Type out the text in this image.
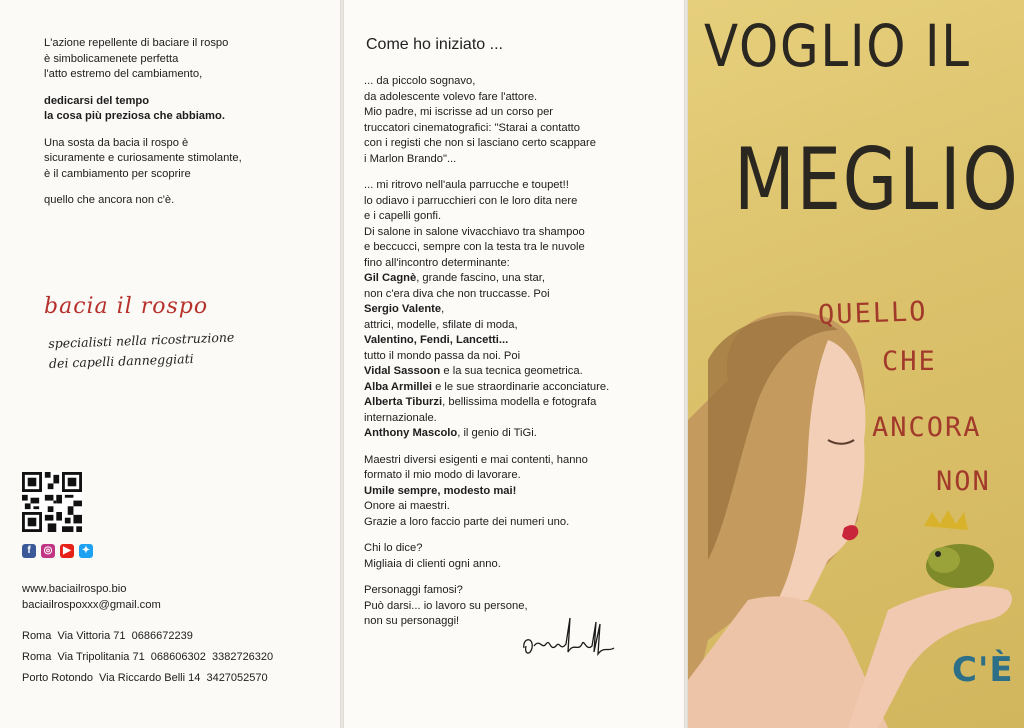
L'azione repellente di baciare il rospo

è simbolicamenete perfetta

l'atto estremo del cambiamento,

dedicarsi del tempo

la cosa più preziosa che abbiamo.

Una sosta da bacia il rospo è

sicuramente e curiosamente stimolante,

è il cambiamento per scoprire

quello che ancora non c'è.

bacia il rospo
specialisti nella ricostruzione
dei capelli danneggiati
f	◎	▶	✦
www.baciailrospo.bio
baciailrospoxxx@gmail.com
Roma  Via Vittoria 71  0686672239
Roma  Via Tripolitania 71  068606302  3382726320
Porto Rotondo  Via Riccardo Belli 14  3427052570
Come ho iniziato ...

... da piccolo sognavo,

da adolescente volevo fare l'attore.

Mio padre, mi iscrisse ad un corso per

truccatori cinematografici: "Starai a contatto

con i registi che non si lasciano certo scappare

i Marlon Brando"...

... mi ritrovo nell'aula parrucche e toupet!!

lo odiavo i parrucchieri con le loro dita nere

e i capelli gonfi.

Di salone in salone vivacchiavo tra shampoo

e beccucci, sempre con la testa tra le nuvole

fino all'incontro determinante:

Gil Cagnè, grande fascino, una star,

non c'era diva che non truccasse. Poi

Sergio Valente,

attrici, modelle, sfilate di moda,

Valentino, Fendi, Lancetti...

tutto il mondo passa da noi. Poi

Vidal Sassoon e la sua tecnica geometrica.

Alba Armillei e le sue straordinarie acconciature.

Alberta Tiburzi, bellissima modella e fotografa

internazionale.

Anthony Mascolo, il genio di TiGi.

Maestri diversi esigenti e mai contenti, hanno

formato il mio modo di lavorare.

Umile sempre, modesto mai!

Onore ai maestri.

Grazie a loro faccio parte dei numeri uno.

Chi lo dice?

Migliaia di clienti ogni anno.

Personaggi famosi?

Può darsi... io lavoro su persone,

non su personaggi!

VOGLIO IL
MEGLIO
QUELLO
CHE
ANCORA
NON
C'È
